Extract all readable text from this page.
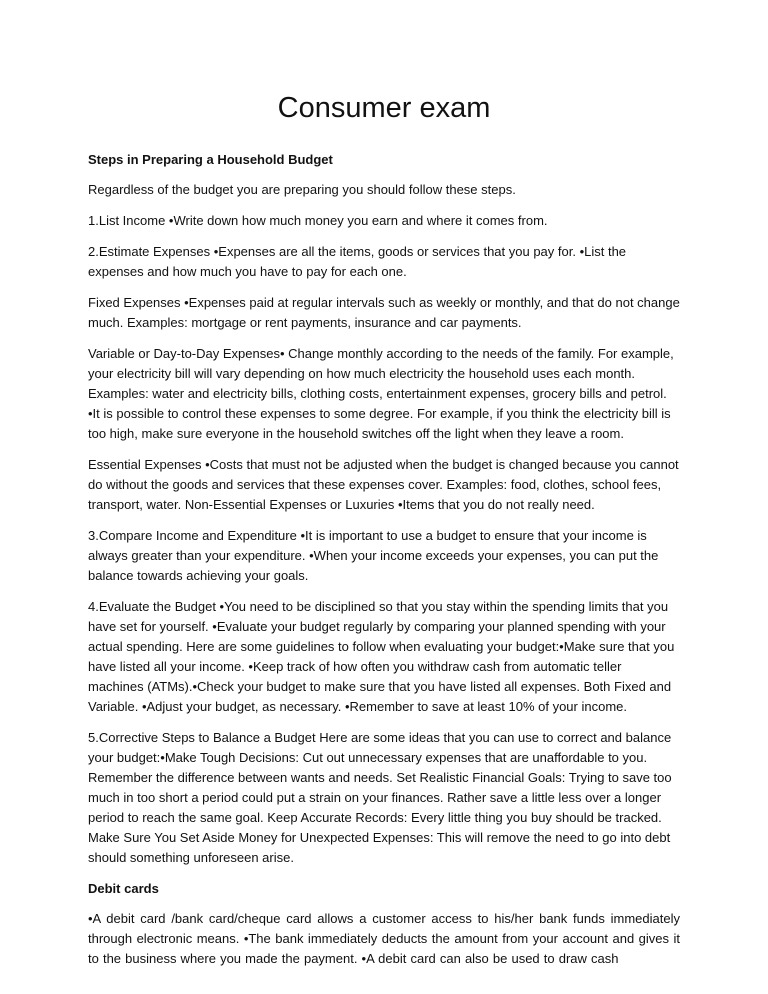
Consumer exam
Steps in Preparing a Household Budget

Regardless of the budget you are preparing you should follow these steps.

1.List Income •Write down how much money you earn and where it comes from.

2.Estimate Expenses •Expenses are all the items, goods or services that you pay for. •List the expenses and how much you have to pay for each one.

Fixed Expenses •Expenses paid at regular intervals such as weekly or monthly, and that do not change much. Examples: mortgage or rent payments, insurance and car payments.

Variable or Day-to-Day Expenses• Change monthly according to the needs of the family. For example, your electricity bill will vary depending on how much electricity the household uses each month. Examples: water and electricity bills, clothing costs, entertainment expenses, grocery bills and petrol. •It is possible to control these expenses to some degree. For example, if you think the electricity bill is too high, make sure everyone in the household switches off the light when they leave a room.

Essential Expenses •Costs that must not be adjusted when the budget is changed because you cannot do without the goods and services that these expenses cover. Examples: food, clothes, school fees, transport, water. Non-Essential Expenses or Luxuries •Items that you do not really need.

3.Compare Income and Expenditure •It is important to use a budget to ensure that your income is always greater than your expenditure. •When your income exceeds your expenses, you can put the balance towards achieving your goals.

4.Evaluate the Budget •You need to be disciplined so that you stay within the spending limits that you have set for yourself. •Evaluate your budget regularly by comparing your planned spending with your actual spending. Here are some guidelines to follow when evaluating your budget:•Make sure that you have listed all your income. •Keep track of how often you withdraw cash from automatic teller machines (ATMs).•Check your budget to make sure that you have listed all expenses. Both Fixed and Variable. •Adjust your budget, as necessary. •Remember to save at least 10% of your income.

5.Corrective Steps to Balance a Budget Here are some ideas that you can use to correct and balance your budget:•Make Tough Decisions: Cut out unnecessary expenses that are unaffordable to you. Remember the difference between wants and needs. Set Realistic Financial Goals: Trying to save too much in too short a period could put a strain on your finances. Rather save a little less over a longer period to reach the same goal. Keep Accurate Records: Every little thing you buy should be tracked. Make Sure You Set Aside Money for Unexpected Expenses: This will remove the need to go into debt should something unforeseen arise.

Debit cards

•A debit card /bank card/cheque card allows a customer access to his/her bank funds immediately through electronic means. •The bank immediately deducts the amount from your account and gives it to the business where you made the payment. •A debit card can also be used to draw cash
